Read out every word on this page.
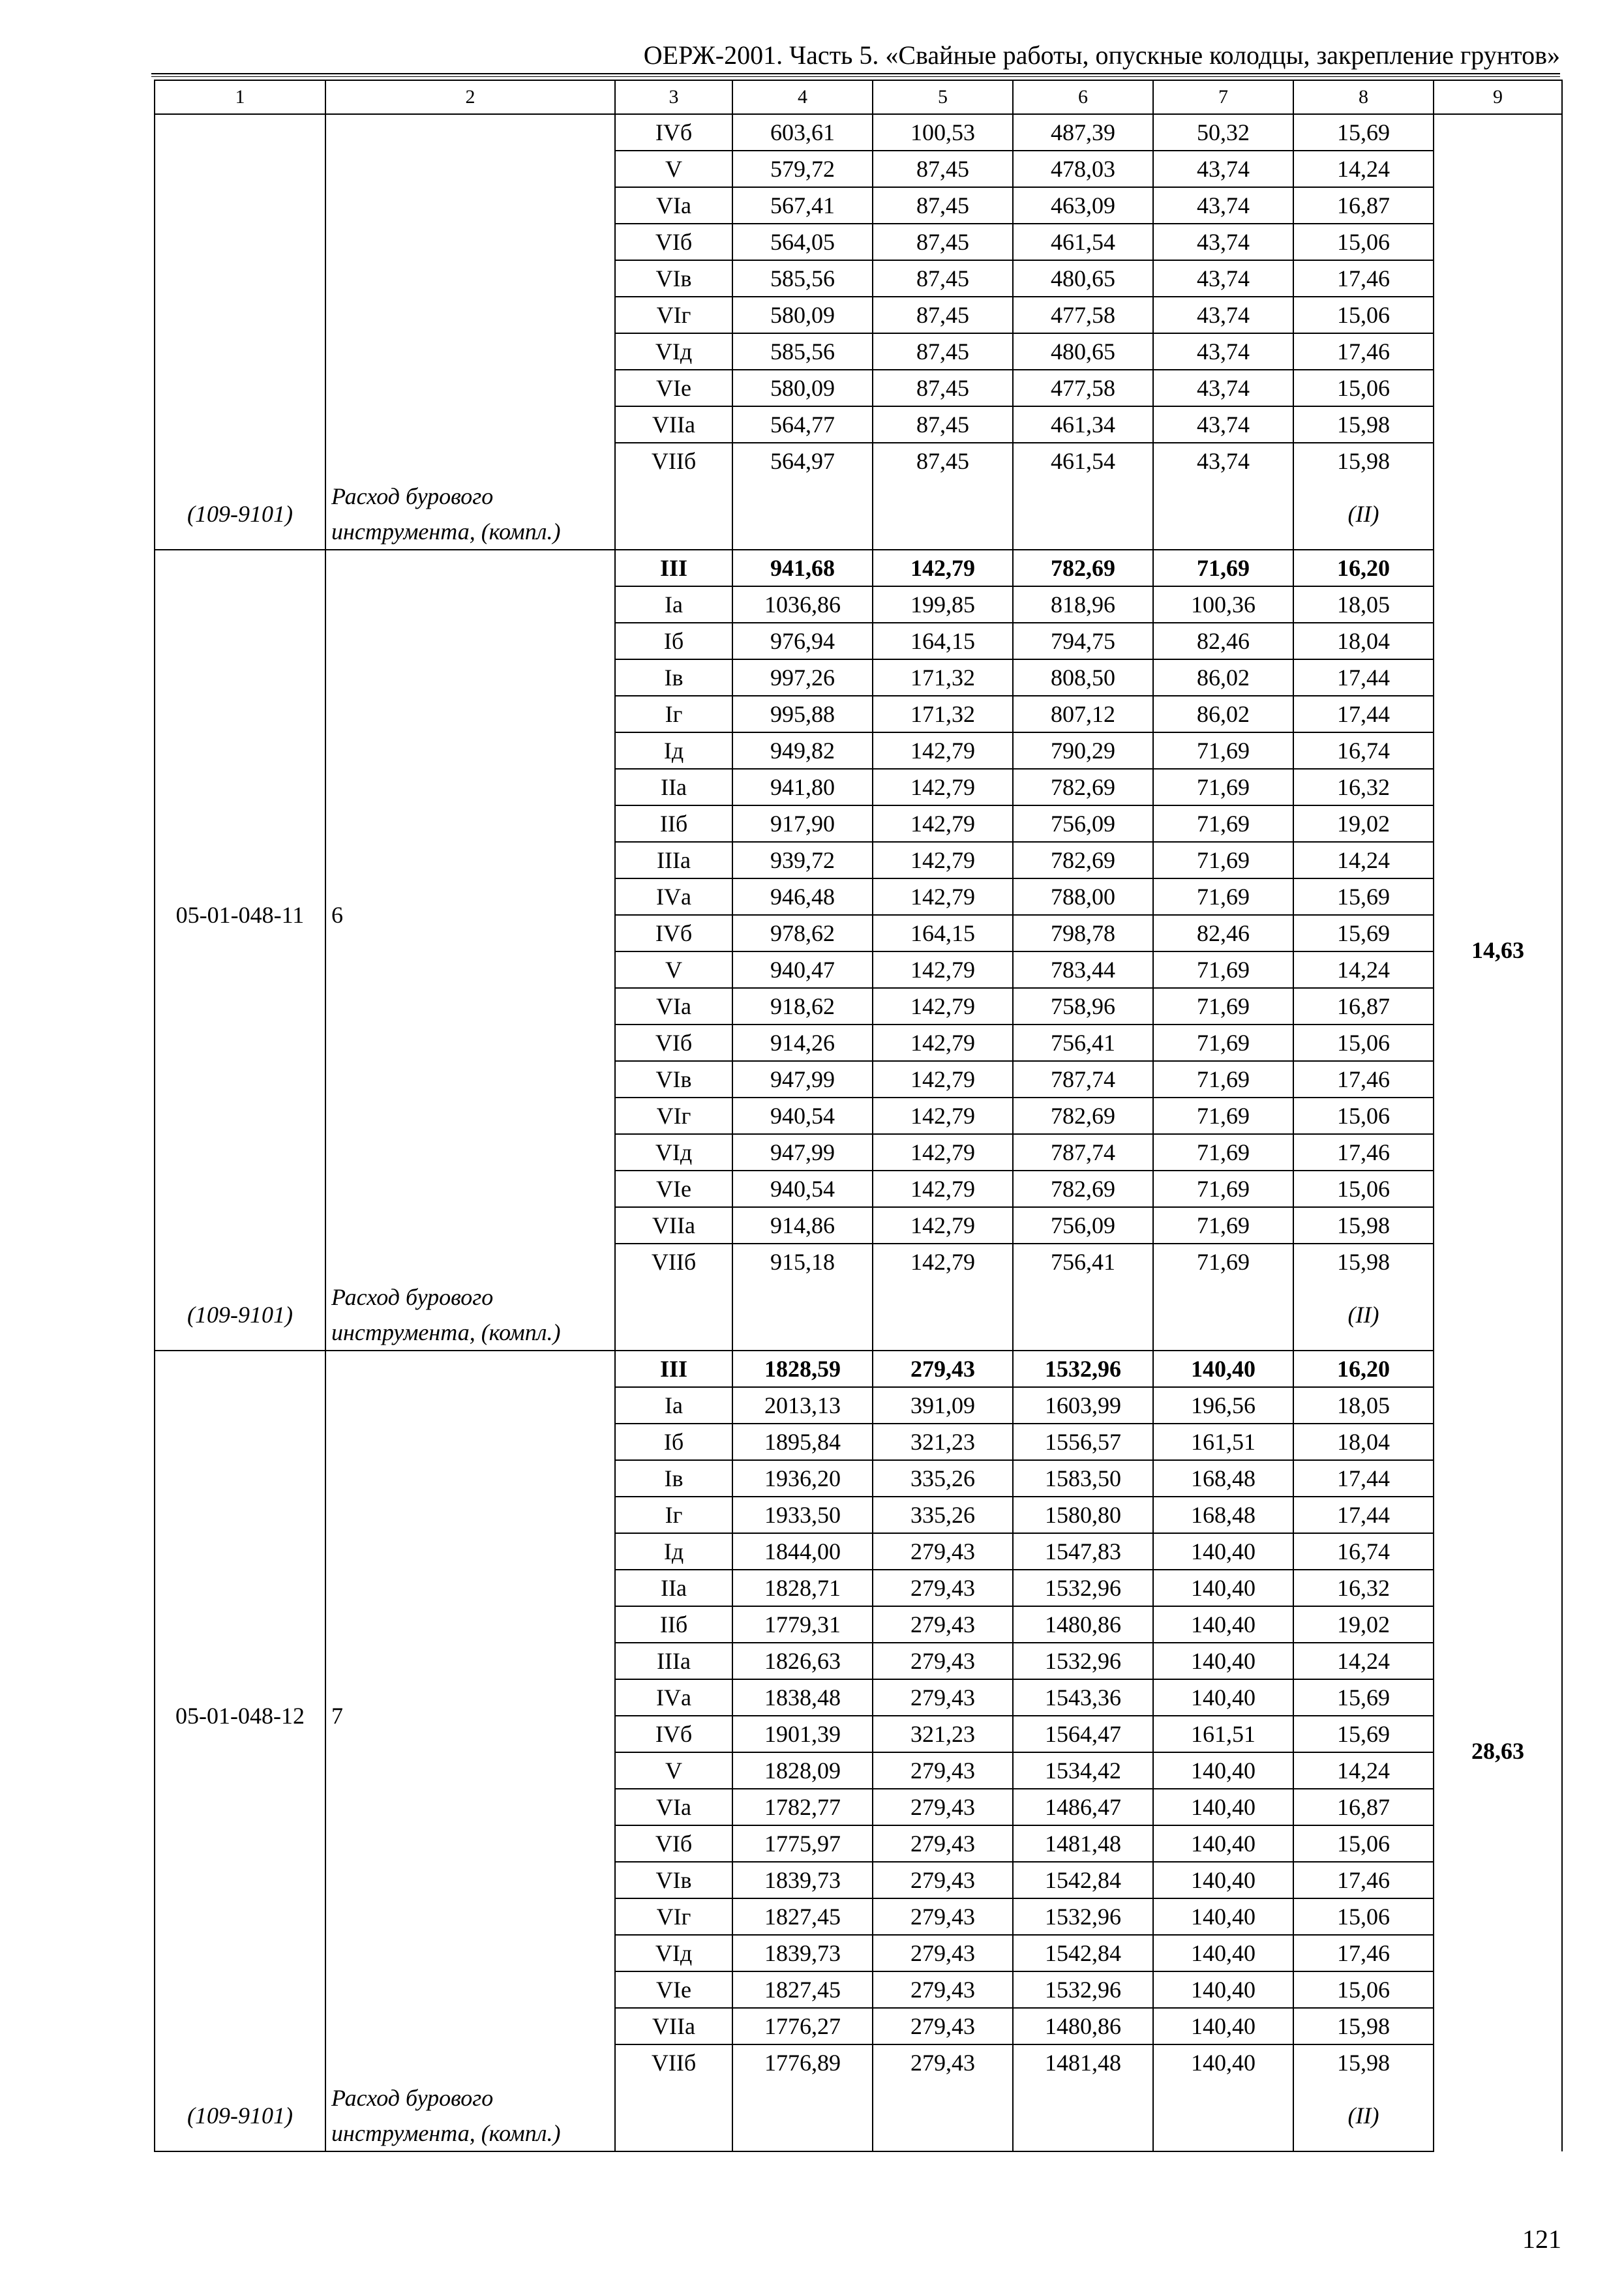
ОЕРЖ-2001. Часть 5. «Свайные работы, опускные колодцы, закрепление грунтов»
1	2	3	4	5	6	7	8	9
		IVб	603,61	100,53	487,39	50,32	15,69	
		V	579,72	87,45	478,03	43,74	14,24	
		VIа	567,41	87,45	463,09	43,74	16,87	
		VIб	564,05	87,45	461,54	43,74	15,06	
		VIв	585,56	87,45	480,65	43,74	17,46	
		VIг	580,09	87,45	477,58	43,74	15,06	
		VIд	585,56	87,45	480,65	43,74	17,46	
		VIе	580,09	87,45	477,58	43,74	15,06	
		VIIа	564,77	87,45	461,34	43,74	15,98	
		VIIб	564,97	87,45	461,54	43,74	15,98	
(109-9101)	Расход бурового инструмента, (компл.)						(II)	
05-01-048-11	6	III	941,68	142,79	782,69	71,69	16,20	14,63
		Iа	1036,86	199,85	818,96	100,36	18,05	
		Iб	976,94	164,15	794,75	82,46	18,04	
		Iв	997,26	171,32	808,50	86,02	17,44	
		Iг	995,88	171,32	807,12	86,02	17,44	
		Iд	949,82	142,79	790,29	71,69	16,74	
		IIа	941,80	142,79	782,69	71,69	16,32	
		IIб	917,90	142,79	756,09	71,69	19,02	
		IIIа	939,72	142,79	782,69	71,69	14,24	
		IVа	946,48	142,79	788,00	71,69	15,69	
		IVб	978,62	164,15	798,78	82,46	15,69	
		V	940,47	142,79	783,44	71,69	14,24	
		VIа	918,62	142,79	758,96	71,69	16,87	
		VIб	914,26	142,79	756,41	71,69	15,06	
		VIв	947,99	142,79	787,74	71,69	17,46	
		VIг	940,54	142,79	782,69	71,69	15,06	
		VIд	947,99	142,79	787,74	71,69	17,46	
		VIе	940,54	142,79	782,69	71,69	15,06	
		VIIа	914,86	142,79	756,09	71,69	15,98	
		VIIб	915,18	142,79	756,41	71,69	15,98	
(109-9101)	Расход бурового инструмента, (компл.)						(II)	
05-01-048-12	7	III	1828,59	279,43	1532,96	140,40	16,20	28,63
		Iа	2013,13	391,09	1603,99	196,56	18,05	
		Iб	1895,84	321,23	1556,57	161,51	18,04	
		Iв	1936,20	335,26	1583,50	168,48	17,44	
		Iг	1933,50	335,26	1580,80	168,48	17,44	
		Iд	1844,00	279,43	1547,83	140,40	16,74	
		IIа	1828,71	279,43	1532,96	140,40	16,32	
		IIб	1779,31	279,43	1480,86	140,40	19,02	
		IIIа	1826,63	279,43	1532,96	140,40	14,24	
		IVа	1838,48	279,43	1543,36	140,40	15,69	
		IVб	1901,39	321,23	1564,47	161,51	15,69	
		V	1828,09	279,43	1534,42	140,40	14,24	
		VIа	1782,77	279,43	1486,47	140,40	16,87	
		VIб	1775,97	279,43	1481,48	140,40	15,06	
		VIв	1839,73	279,43	1542,84	140,40	17,46	
		VIг	1827,45	279,43	1532,96	140,40	15,06	
		VIд	1839,73	279,43	1542,84	140,40	17,46	
		VIе	1827,45	279,43	1532,96	140,40	15,06	
		VIIа	1776,27	279,43	1480,86	140,40	15,98	
		VIIб	1776,89	279,43	1481,48	140,40	15,98	
(109-9101)	Расход бурового инструмента, (компл.)						(II)	
121
